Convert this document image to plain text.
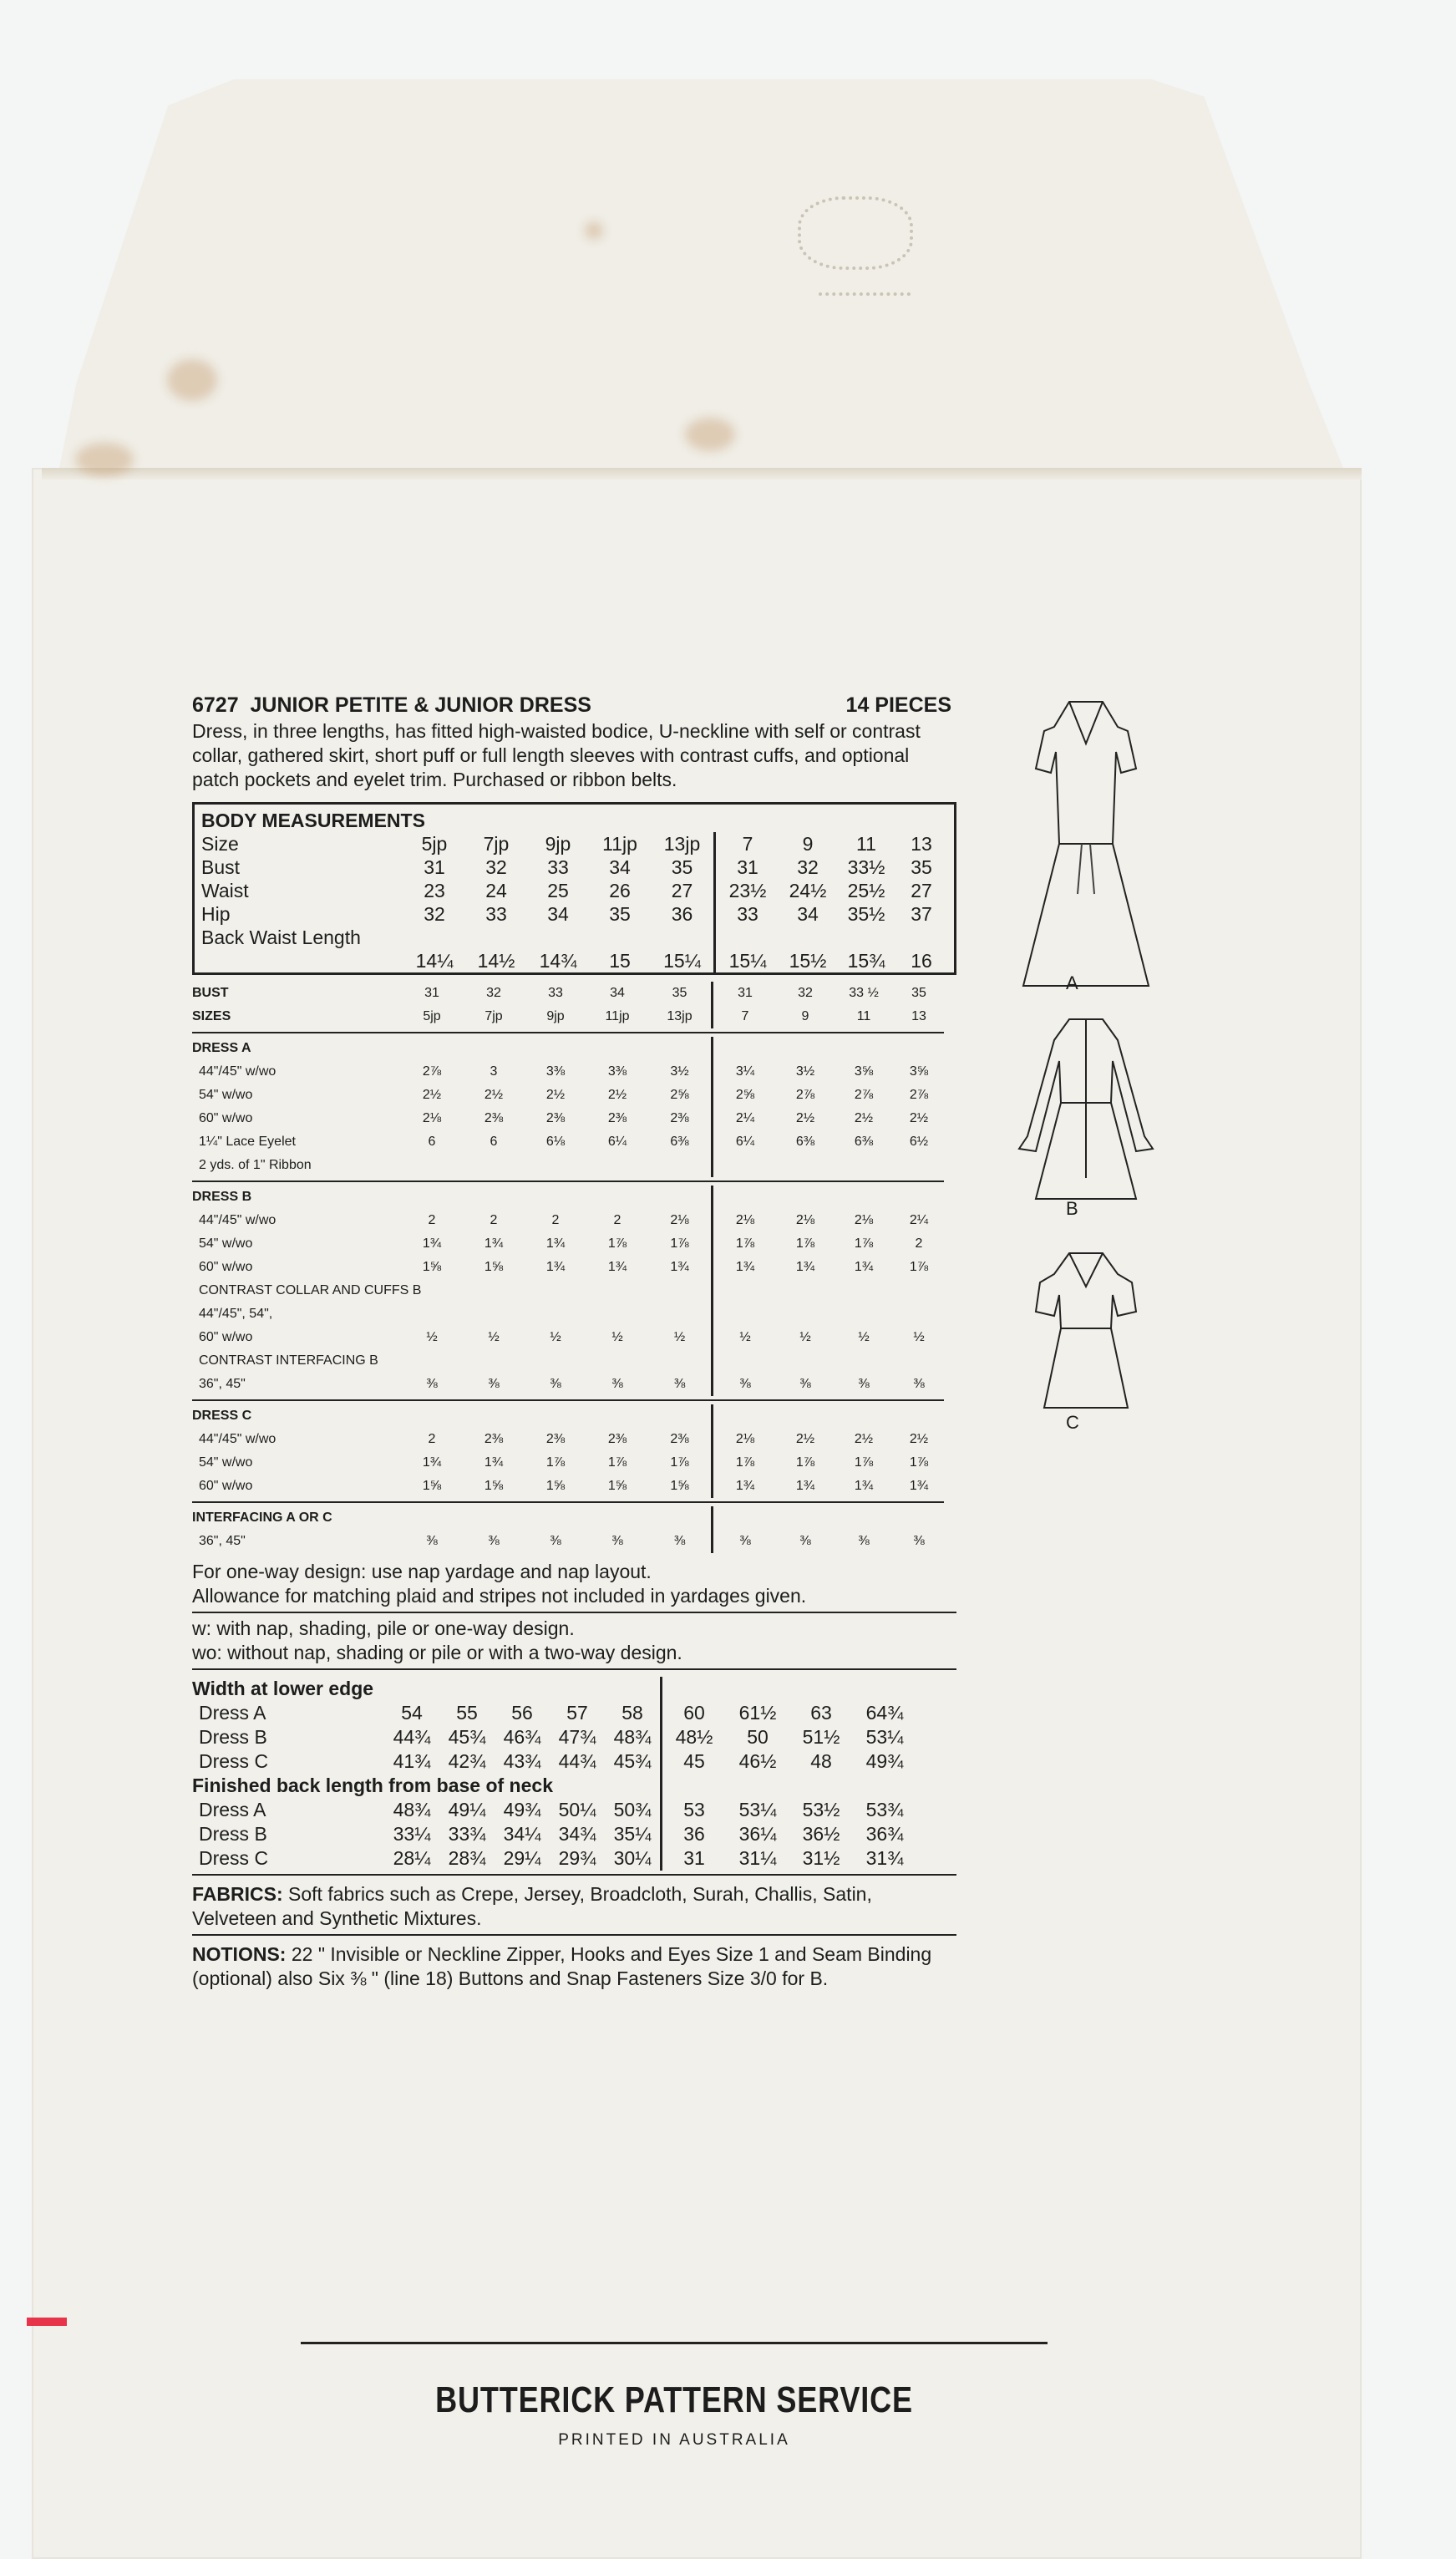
6727 JUNIOR PETITE & JUNIOR DRESS	14 PIECES
Dress, in three lengths, has fitted high-waisted bodice, U-neckline with self or contrast collar, gathered skirt, short puff or full length sleeves with contrast cuffs, and optional patch pockets and eyelet trim. Purchased or ribbon belts.
BODY MEASUREMENTS
Size	5jp	7jp	9jp	11jp	13jp	7	9	11	13
Bust	31	32	33	34	35	31	32	33½	35
Waist	23	24	25	26	27	23½	24½	25½	27
Hip	32	33	34	35	36	33	34	35½	37
Back Waist Length
14¼	14½	14¾	15	15¼	15¼	15½	15¾	16
BUST	31	32	33	34	35	31	32	33 ½	35
SIZES	5jp	7jp	9jp	11jp	13jp	7	9	11	13
DRESS A
44"/45" w/wo	2⅞	3	3⅜	3⅜	3½	3¼	3½	3⅝	3⅝
54" w/wo	2½	2½	2½	2½	2⅝	2⅝	2⅞	2⅞	2⅞
60" w/wo	2⅛	2⅜	2⅜	2⅜	2⅜	2¼	2½	2½	2½
1¼" Lace Eyelet	6	6	6⅛	6¼	6⅜	6¼	6⅜	6⅜	6½
2 yds. of 1" Ribbon
DRESS B
44"/45" w/wo	2	2	2	2	2⅛	2⅛	2⅛	2⅛	2¼
54" w/wo	1¾	1¾	1¾	1⅞	1⅞	1⅞	1⅞	1⅞	2
60" w/wo	1⅝	1⅝	1¾	1¾	1¾	1¾	1¾	1¾	1⅞
CONTRAST COLLAR AND CUFFS B
44"/45", 54",
60" w/wo	½	½	½	½	½	½	½	½	½
CONTRAST INTERFACING B
36", 45"	⅜	⅜	⅜	⅜	⅜	⅜	⅜	⅜	⅜
DRESS C
44"/45" w/wo	2	2⅜	2⅜	2⅜	2⅜	2⅛	2½	2½	2½
54" w/wo	1¾	1¾	1⅞	1⅞	1⅞	1⅞	1⅞	1⅞	1⅞
60" w/wo	1⅝	1⅝	1⅝	1⅝	1⅝	1¾	1¾	1¾	1¾
INTERFACING A OR C
36", 45"	⅜	⅜	⅜	⅜	⅜	⅜	⅜	⅜	⅜
For one-way design: use nap yardage and nap layout.
Allowance for matching plaid and stripes not included in yardages given.
w: with nap, shading, pile or one-way design.
wo: without nap, shading or pile or with a two-way design.
Width at lower edge
Dress A	54	55	56	57	58	60	61½	63	64¾
Dress B	44¾ 45¾ 46¾ 47¾ 48¾	48½	50	51½	53¼
Dress C	41¾ 42¾ 43¾ 44¾ 45¾	45	46½	48	49¾
Finished back length from base of neck
Dress A	48¾ 49¼ 49¾ 50¼ 50¾	53	53¼	53½	53¾
Dress B	33¼ 33¾ 34¼ 34¾ 35¼	36	36¼	36½	36¾
Dress C	28¼ 28¾ 29¼ 29¾ 30¼	31	31¼	31½	31¾
FABRICS: Soft fabrics such as Crepe, Jersey, Broadcloth, Surah, Challis, Satin, Velveteen and Synthetic Mixtures.
NOTIONS: 22 " Invisible or Neckline Zipper, Hooks and Eyes Size 1 and Seam Binding (optional) also Six ⅜ " (line 18) Buttons and Snap Fasteners Size 3/0 for B.
A
B
C
BUTTERICK PATTERN SERVICE
PRINTED IN AUSTRALIA
